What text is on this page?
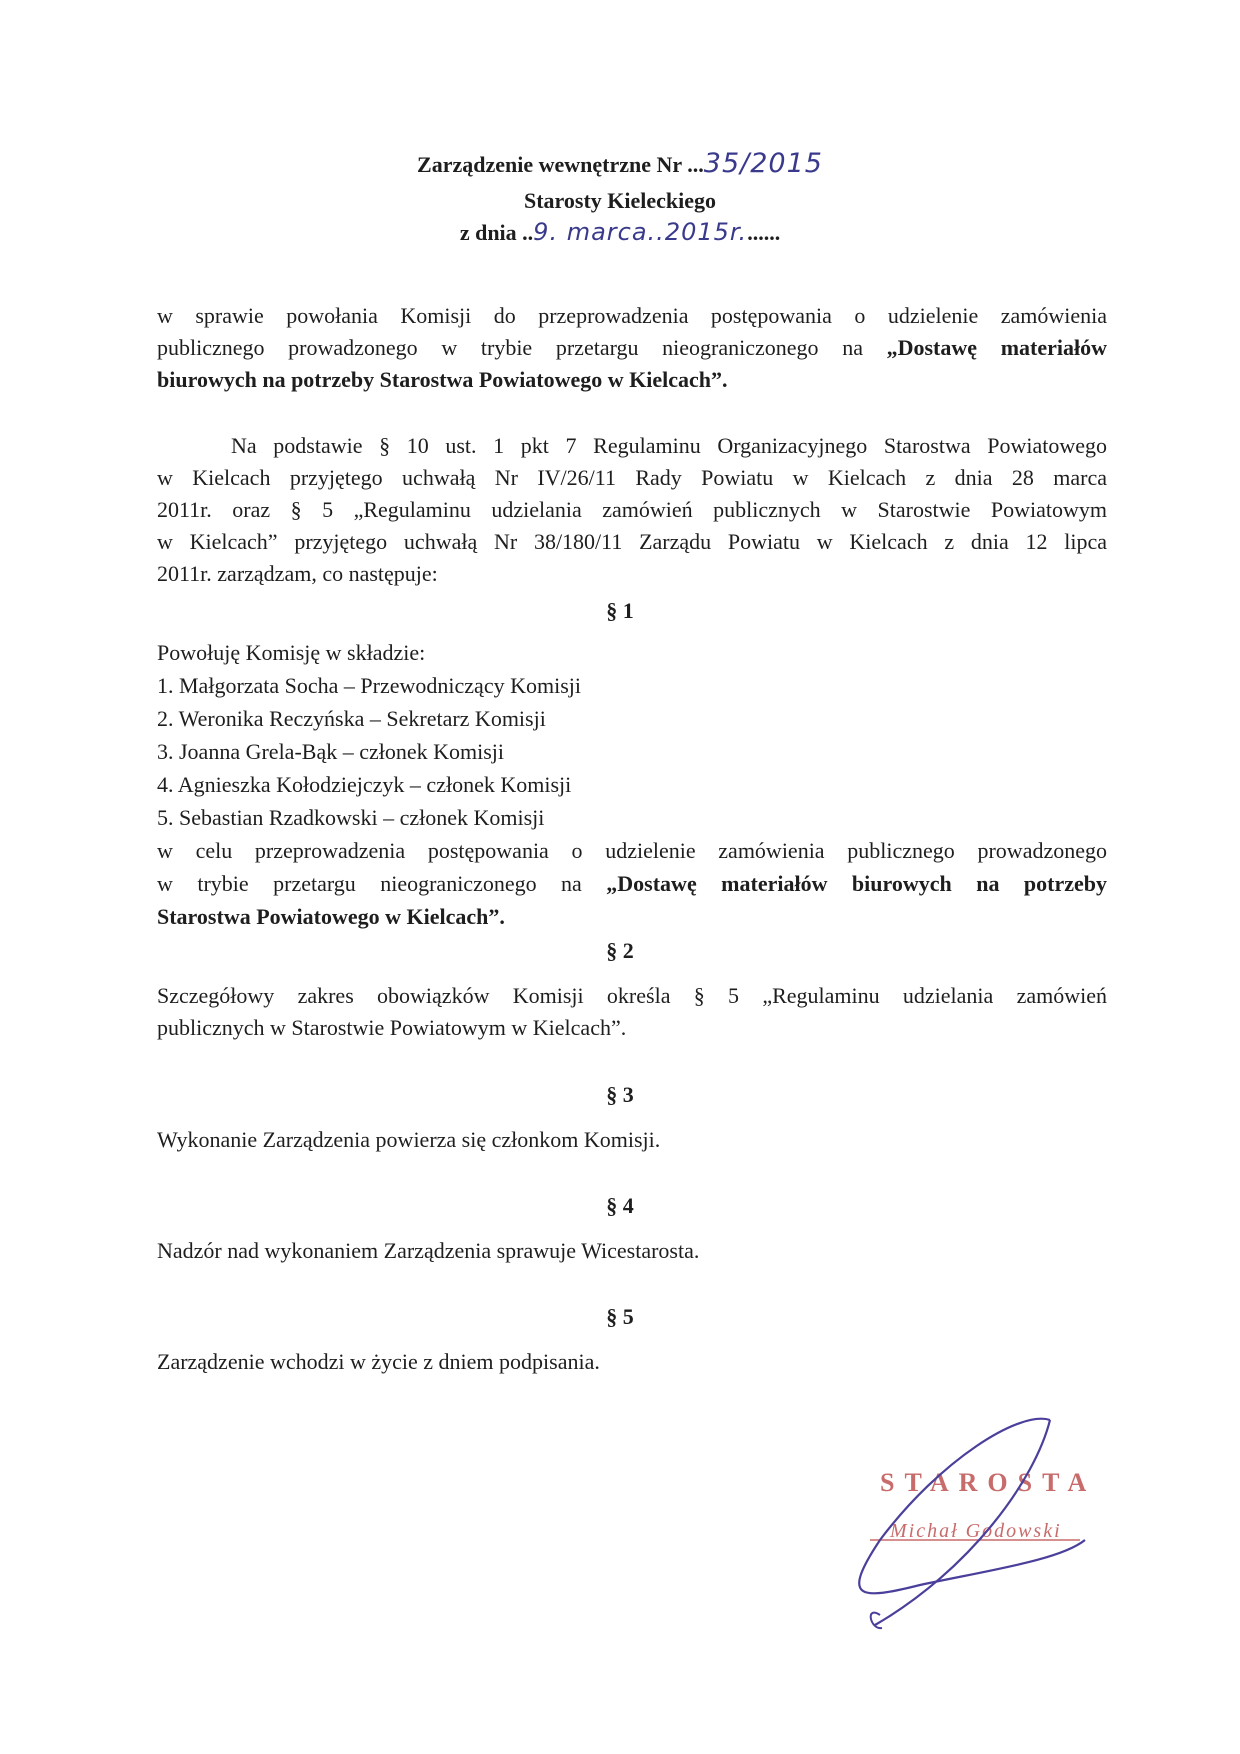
Zarządzenie wewnętrzne Nr ...35/2015
Starosty Kieleckiego
z dnia ..9. marca..2015r.......
w sprawie powołania Komisji do przeprowadzenia postępowania o udzielenie zamówienia
publicznego prowadzonego w trybie przetargu nieograniczonego na „Dostawę materiałów
biurowych na potrzeby Starostwa Powiatowego w Kielcach”.
Na podstawie § 10 ust. 1 pkt 7 Regulaminu Organizacyjnego Starostwa Powiatowego
w Kielcach przyjętego uchwałą Nr IV/26/11 Rady Powiatu w Kielcach z dnia 28 marca
2011r. oraz § 5 „Regulaminu udzielania zamówień publicznych w Starostwie Powiatowym
w Kielcach” przyjętego uchwałą Nr 38/180/11 Zarządu Powiatu w Kielcach z dnia 12 lipca
2011r. zarządzam, co następuje:
§ 1
Powołuję Komisję w składzie:
1. Małgorzata Socha – Przewodniczący Komisji
2. Weronika Reczyńska – Sekretarz Komisji
3. Joanna Grela-Bąk – członek Komisji
4. Agnieszka Kołodziejczyk – członek Komisji
5. Sebastian Rzadkowski – członek Komisji
w celu przeprowadzenia postępowania o udzielenie zamówienia publicznego prowadzonego
w trybie przetargu nieograniczonego na „Dostawę materiałów biurowych na potrzeby
Starostwa Powiatowego w Kielcach”.
§ 2
Szczegółowy zakres obowiązków Komisji określa § 5 „Regulaminu udzielania zamówień
publicznych w Starostwie Powiatowym w Kielcach”.
§ 3
Wykonanie Zarządzenia powierza się członkom Komisji.
§ 4
Nadzór nad wykonaniem Zarządzenia sprawuje Wicestarosta.
§ 5
Zarządzenie wchodzi w życie z dniem podpisania.
STAROSTA
Michał Godowski
